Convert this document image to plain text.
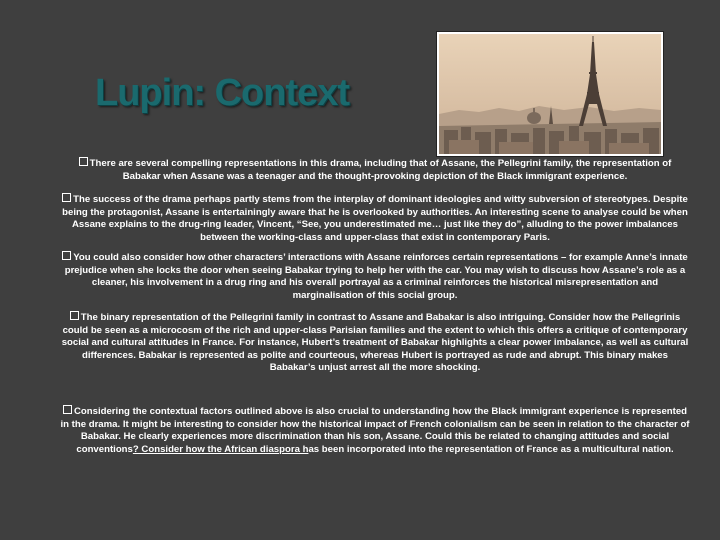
Lupin: Context
There are several compelling representations in this drama, including that of Assane, the Pellegrini family, the representation of Babakar when Assane was a teenager and the thought-provoking depiction of the Black immigrant experience.
The success of the drama perhaps partly stems from the interplay of dominant ideologies and witty subversion of stereotypes. Despite being the protagonist, Assane is entertainingly aware that he is overlooked by authorities. An interesting scene to analyse could be when Assane explains to the drug-ring leader, Vincent, “See, you underestimated me… just like they do”, alluding to the power imbalances between the working-class and upper-class that exist in contemporary Paris.
You could also consider how other characters’ interactions with Assane reinforces certain representations – for example Anne’s innate prejudice when she locks the door when seeing Babakar trying to help her with the car. You may wish to discuss how Assane’s role as a cleaner, his involvement in a drug ring and his overall portrayal as a criminal reinforces the historical misrepresentation and marginalisation of this social group.
The binary representation of the Pellegrini family in contrast to Assane and Babakar is also intriguing. Consider how the Pellegrinis could be seen as a microcosm of the rich and upper-class Parisian families and the extent to which this offers a critique of contemporary social and cultural attitudes in France. For instance, Hubert’s treatment of Babakar highlights a clear power imbalance, as well as cultural differences. Babakar is represented as polite and courteous, whereas Hubert is portrayed as rude and abrupt. This binary makes Babakar’s unjust arrest all the more shocking.
Considering the contextual factors outlined above is also crucial to understanding how the Black immigrant experience is represented in the drama. It might be interesting to consider how the historical impact of French colonialism can be seen in relation to the character of Babakar. He clearly experiences more discrimination than his son, Assane. Could this be related to changing attitudes and social conventions? Consider how the African diaspora has been incorporated into the representation of France as a multicultural nation.
